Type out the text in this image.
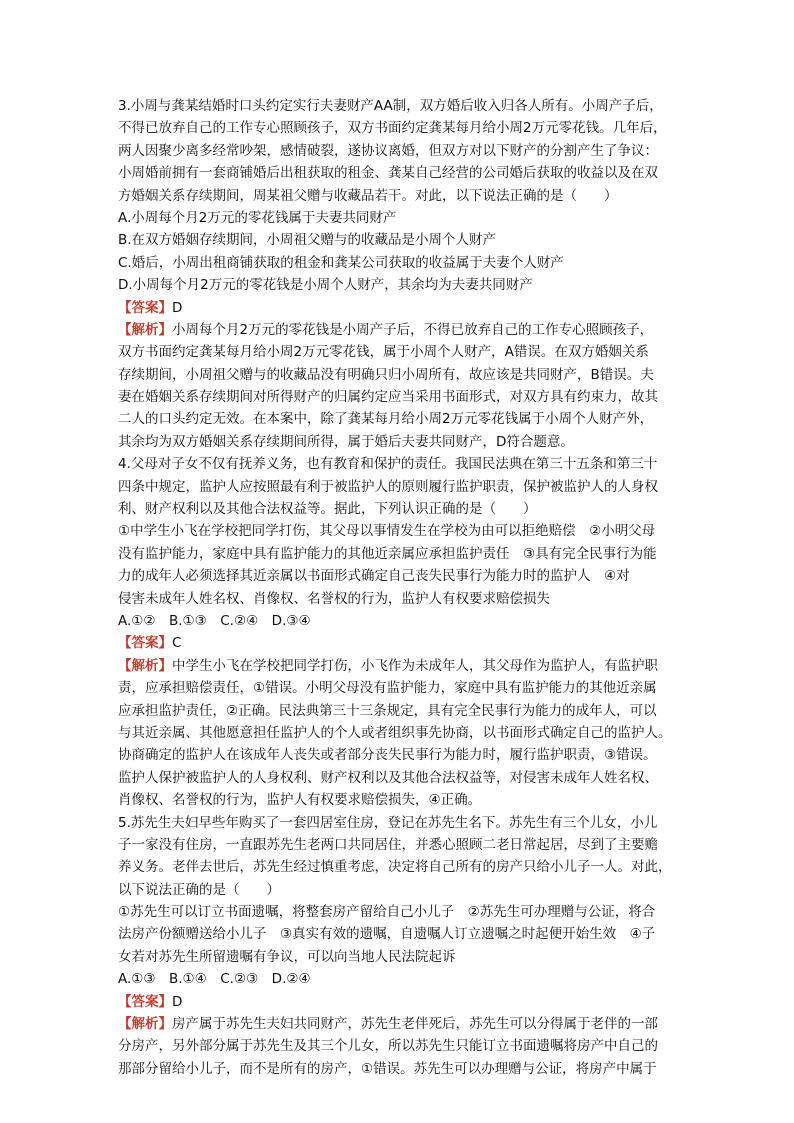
3.小周与龚某结婚时口头约定实行夫妻财产AA制，双方婚后收入归各人所有。小周产子后，
不得已放弃自己的工作专心照顾孩子，双方书面约定龚某每月给小周2万元零花钱。几年后，
两人因聚少离多经常吵架，感情破裂，遂协议离婚，但双方对以下财产的分割产生了争议：
小周婚前拥有一套商铺婚后出租获取的租金、龚某自己经营的公司婚后获取的收益以及在双
方婚姻关系存续期间，周某祖父赠与收藏品若干。对此，以下说法正确的是（　　）
A.小周每个月2万元的零花钱属于夫妻共同财产
B.在双方婚姻存续期间，小周祖父赠与的收藏品是小周个人财产
C.婚后，小周出租商铺获取的租金和龚某公司获取的收益属于夫妻个人财产
D.小周每个月2万元的零花钱是小周个人财产，其余均为夫妻共同财产
【答案】D
【解析】小周每个月2万元的零花钱是小周产子后，不得已放弃自己的工作专心照顾孩子，
双方书面约定龚某每月给小周2万元零花钱，属于小周个人财产，A错误。在双方婚姻关系
存续期间，小周祖父赠与的收藏品没有明确只归小周所有，故应该是共同财产，B错误。夫
妻在婚姻关系存续期间对所得财产的归属约定应当采用书面形式，对双方具有约束力，故其
二人的口头约定无效。在本案中，除了龚某每月给小周2万元零花钱属于小周个人财产外，
其余均为双方婚姻关系存续期间所得，属于婚后夫妻共同财产，D符合题意。
4.父母对子女不仅有抚养义务，也有教育和保护的责任。我国民法典在第三十五条和第三十
四条中规定，监护人应按照最有利于被监护人的原则履行监护职责，保护被监护人的人身权
利、财产权利以及其他合法权益等。据此，下列认识正确的是（　　）
①中学生小飞在学校把同学打伤，其父母以事情发生在学校为由可以拒绝赔偿　②小明父母
没有监护能力，家庭中具有监护能力的其他近亲属应承担监护责任　③具有完全民事行为能
力的成年人必须选择其近亲属以书面形式确定自己丧失民事行为能力时的监护人　④对
侵害未成年人姓名权、肖像权、名誉权的行为，监护人有权要求赔偿损失
A.①②　B.①③　C.②④　D.③④
【答案】C
【解析】中学生小飞在学校把同学打伤，小飞作为未成年人，其父母作为监护人，有监护职
责，应承担赔偿责任，①错误。小明父母没有监护能力，家庭中具有监护能力的其他近亲属
应承担监护责任，②正确。民法典第三十三条规定，具有完全民事行为能力的成年人，可以
与其近亲属、其他愿意担任监护人的个人或者组织事先协商，以书面形式确定自己的监护人。
协商确定的监护人在该成年人丧失或者部分丧失民事行为能力时，履行监护职责，③错误。
监护人保护被监护人的人身权利、财产权利以及其他合法权益等，对侵害未成年人姓名权、
肖像权、名誉权的行为，监护人有权要求赔偿损失，④正确。
5.苏先生夫妇早些年购买了一套四居室住房，登记在苏先生名下。苏先生有三个儿女，小儿
子一家没有住房，一直跟苏先生老两口共同居住，并悉心照顾二老日常起居，尽到了主要赡
养义务。老伴去世后，苏先生经过慎重考虑，决定将自己所有的房产只给小儿子一人。对此，
以下说法正确的是（　　）
①苏先生可以订立书面遗嘱，将整套房产留给自己小儿子　②苏先生可办理赠与公证，将合
法房产份额赠送给小儿子　③真实有效的遗嘱，自遗嘱人订立遗嘱之时起便开始生效　④子
女若对苏先生所留遗嘱有争议，可以向当地人民法院起诉
A.①③　B.①④　C.②③　D.②④
【答案】D
【解析】房产属于苏先生夫妇共同财产，苏先生老伴死后，苏先生可以分得属于老伴的一部
分房产，另外部分属于苏先生及其三个儿女，所以苏先生只能订立书面遗嘱将房产中自己的
那部分留给小儿子，而不是所有的房产，①错误。苏先生可以办理赠与公证，将房产中属于
